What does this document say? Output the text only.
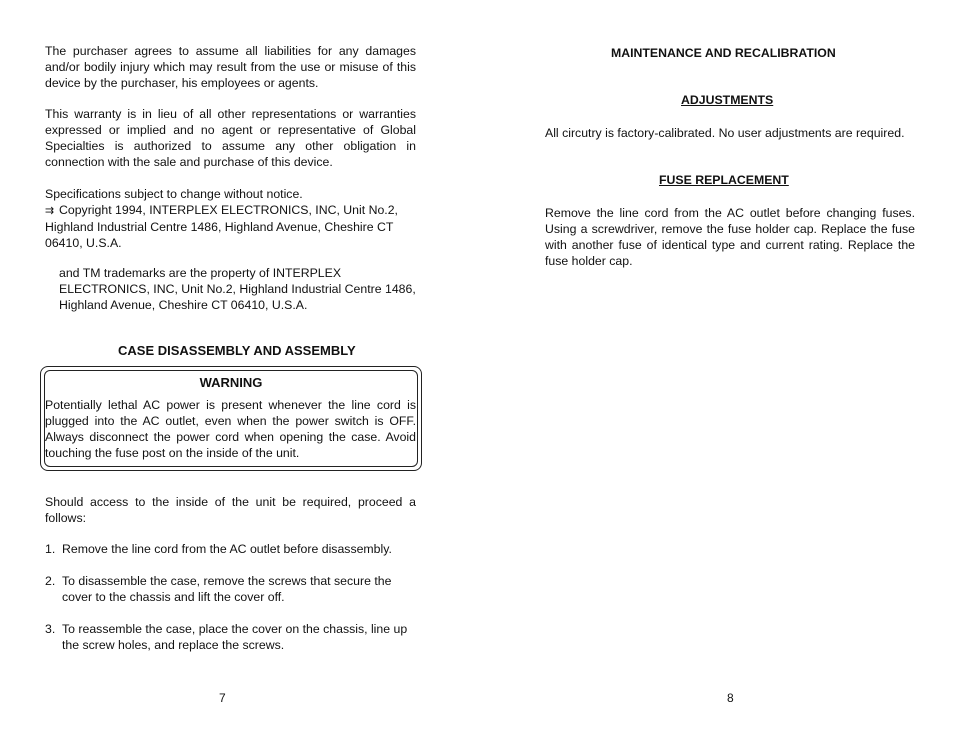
The purchaser agrees to assume all liabilities for any damages and/or bodily injury which may result from the use or misuse of this device by the purchaser, his employees or agents.

This warranty is in lieu of all other representations or warranties expressed or implied and no agent or representative of Global Specialties is authorized to assume any other obligation in connection with the sale and purchase of this device.

Specifications subject to change without notice.

⇉ Copyright 1994, INTERPLEX ELECTRONICS, INC, Unit No.2, Highland Industrial Centre 1486, Highland Avenue, Cheshire CT 06410, U.S.A.

and TM trademarks are the property of INTERPLEX ELECTRONICS, INC, Unit No.2, Highland Industrial Centre 1486, Highland Avenue, Cheshire CT 06410, U.S.A.

CASE DISASSEMBLY AND ASSEMBLY
WARNING
Potentially lethal AC power is present whenever the line cord is plugged into the AC outlet, even when the power switch is OFF. Always disconnect the power cord when opening the case. Avoid touching the fuse post on the inside of the unit.

Should access to the inside of the unit be required, proceed a follows:

1. Remove the line cord from the AC outlet before disassembly.
2. To disassemble the case, remove the screws that secure the cover to the chassis and lift the cover off.
3. To reassemble the case, place the cover on the chassis, line up the screw holes, and replace the screws.
7
MAINTENANCE AND RECALIBRATION
ADJUSTMENTS

All circutry is factory-calibrated. No user adjustments are required.

FUSE REPLACEMENT

Remove the line cord from the AC outlet before changing fuses. Using a screwdriver, remove the fuse holder cap. Replace the fuse with another fuse of identical type and current rating. Replace the fuse holder cap.

8
